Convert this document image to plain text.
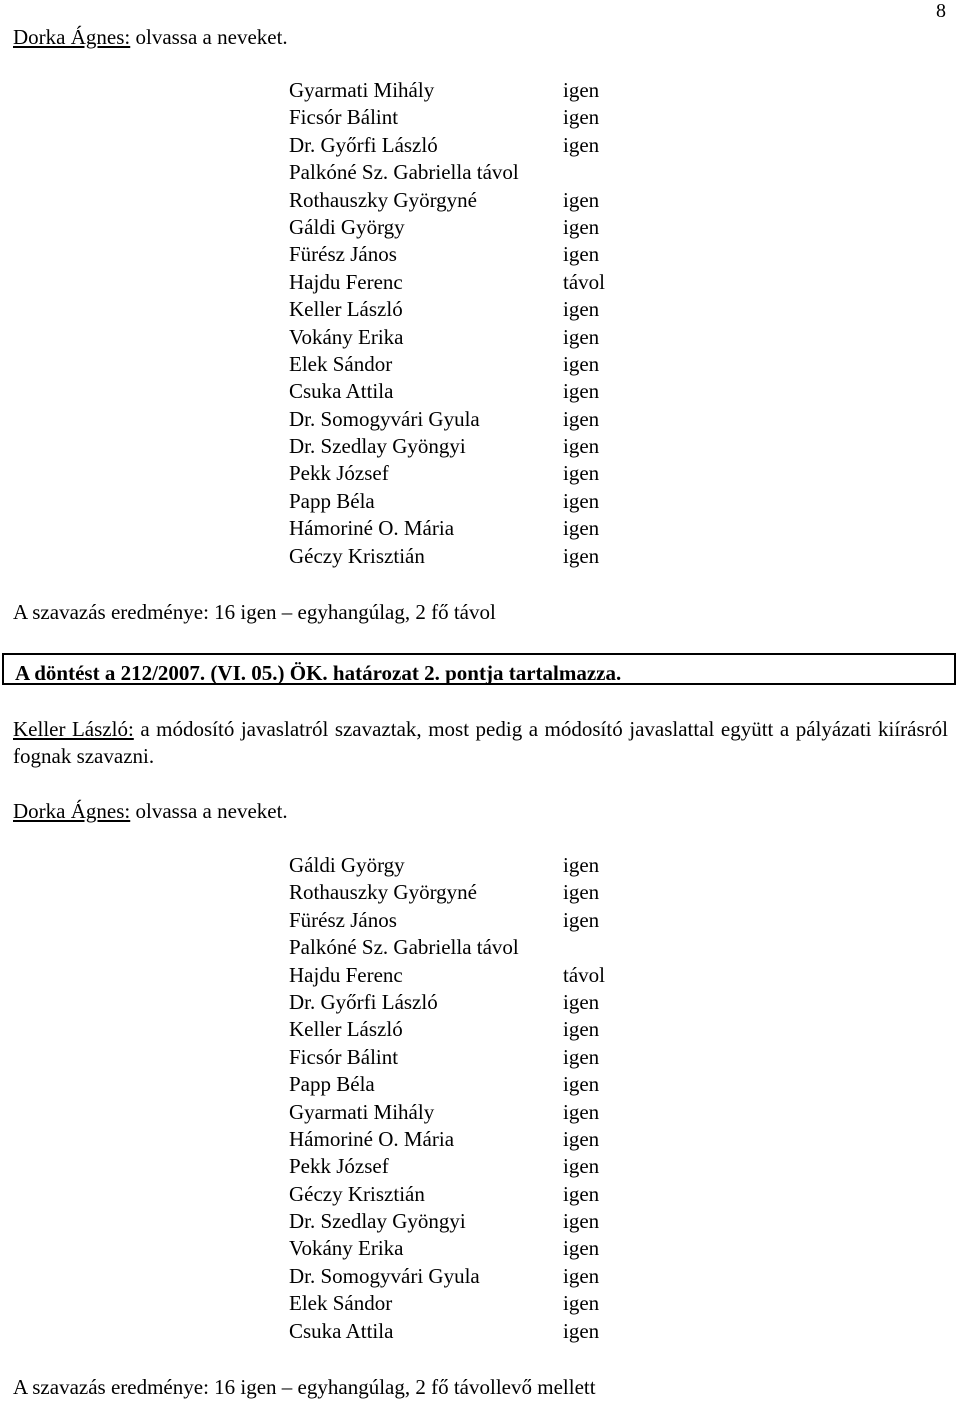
8

Dorka Ágnes: olvassa a neveket.

Gyarmati Mihály	igen
Ficsór Bálint	igen
Dr. Győrfi László	igen
Palkóné Sz. Gabriella távol
Rothauszky Györgyné	igen
Gáldi György	igen
Fürész János	igen
Hajdu Ferenc	távol
Keller László	igen
Vokány Erika	igen
Elek Sándor	igen
Csuka Attila	igen
Dr. Somogyvári Gyula	igen
Dr. Szedlay Gyöngyi	igen
Pekk József	igen
Papp Béla	igen
Hámoriné O. Mária	igen
Géczy Krisztián	igen

A szavazás eredménye: 16 igen – egyhangúlag, 2 fő távol

A döntést a 212/2007. (VI. 05.) ÖK. határozat 2. pontja tartalmazza.

Keller László: a módosító javaslatról szavaztak, most pedig a módosító javaslattal együtt a pályázati kiírásról fognak szavazni.

Dorka Ágnes: olvassa a neveket.

Gáldi György	igen
Rothauszky Györgyné	igen
Fürész János	igen
Palkóné Sz. Gabriella távol
Hajdu Ferenc	távol
Dr. Győrfi László	igen
Keller László	igen
Ficsór Bálint	igen
Papp Béla	igen
Gyarmati Mihály	igen
Hámoriné O. Mária	igen
Pekk József	igen
Géczy Krisztián	igen
Dr. Szedlay Gyöngyi	igen
Vokány Erika	igen
Dr. Somogyvári Gyula	igen
Elek Sándor	igen
Csuka Attila	igen

A szavazás eredménye: 16 igen – egyhangúlag, 2 fő távollevő mellett
